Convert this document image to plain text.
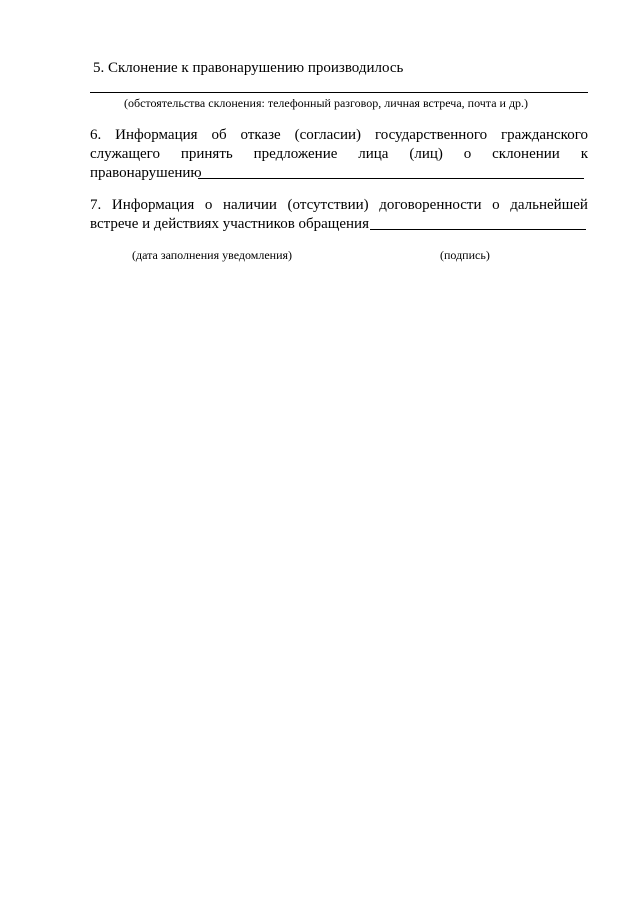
5. Склонение к правонарушению производилось
(обстоятельства склонения: телефонный разговор, личная встреча, почта и др.)
6. Информация об отказе (согласии) государственного гражданского
служащего принять предложение лица (лиц) о склонении к
правонарушению
7. Информация о наличии (отсутствии) договоренности о дальнейшей
встрече и действиях участников обращения
(дата заполнения уведомления)	(подпись)
